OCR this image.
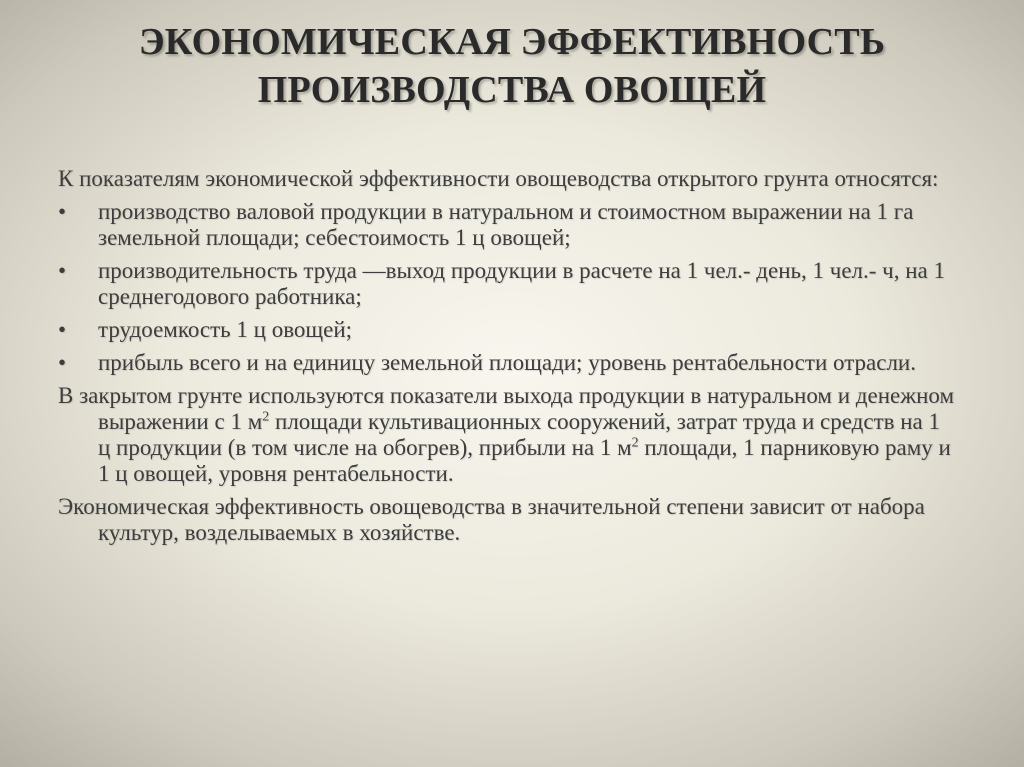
ЭКОНОМИЧЕСКАЯ ЭФФЕКТИВНОСТЬ
ПРОИЗВОДСТВА ОВОЩЕЙ

К показателям экономической эффективности овощеводства открытого грунта относятся:

•	производство валовой продукции в натуральном и стоимостном выражении на 1 га земельной площади; себестоимость 1 ц овощей;
•	производительность труда —выход продукции в расчете на 1 чел.- день, 1 чел.- ч, на 1 среднегодового работника;
•	трудоемкость 1 ц овощей;
•	прибыль всего и на единицу земельной площади; уровень рентабельности отрасли.

В закрытом грунте используются показатели выхода продукции в натуральном и денежном выражении с 1 $м^2$ площади культивационных сооружений, затрат труда и средств на 1 ц продукции (в том числе на обогрев), прибыли на 1 $м^2$ площади, 1 парниковую раму и 1 ц овощей, уровня рентабельности.

Экономическая эффективность овощеводства в значительной степени зависит от набора культур, возделываемых в хозяйстве.
